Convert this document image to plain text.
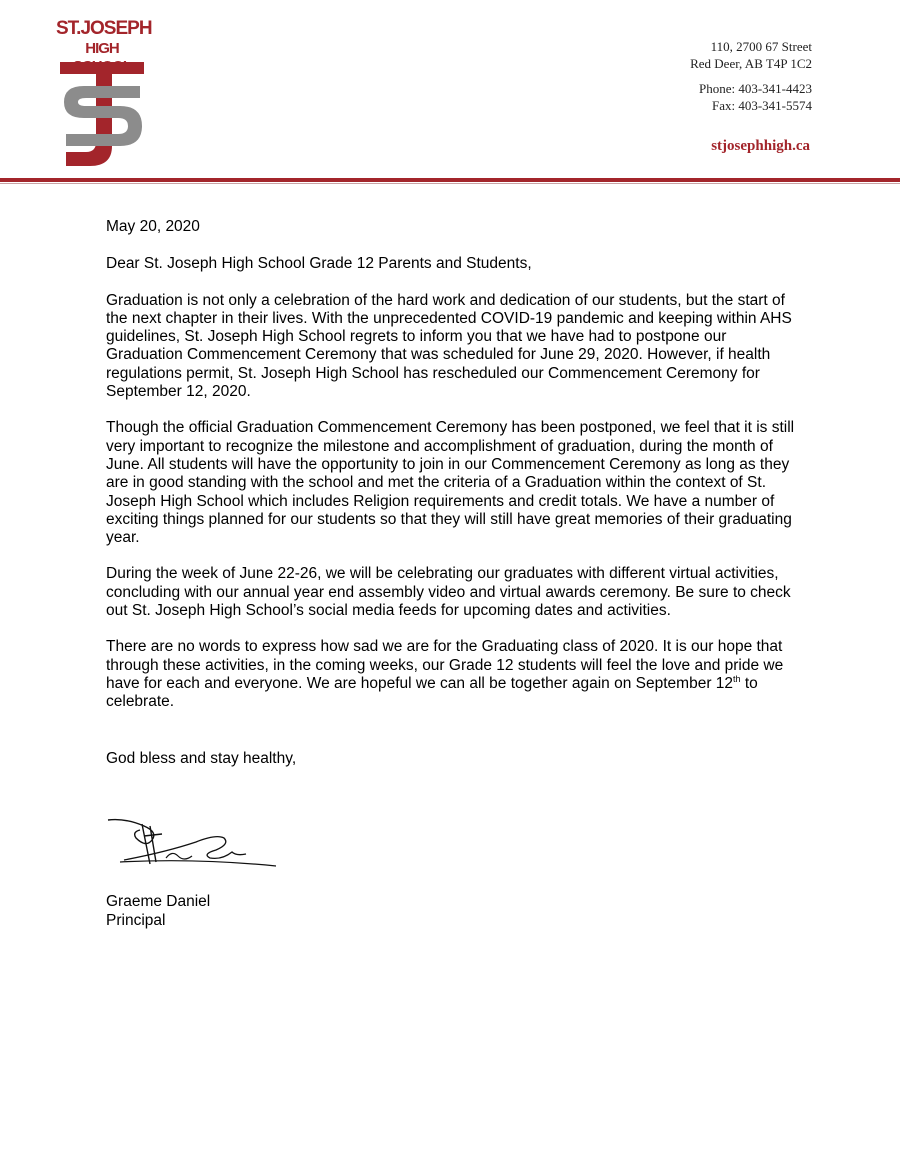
ST.JOSEPH
HIGH	110, 2700 67 Street
Red Deer, AB T4P 1C2
Phone: 403-341-4423
Fax: 403-341-5574
stjosephhigh.ca

May 20, 2020

Dear St. Joseph High School Grade 12 Parents and Students,

Graduation is not only a celebration of the hard work and dedication of our students, but the start of the next chapter in their lives. With the unprecedented COVID-19 pandemic and keeping within AHS guidelines, St. Joseph High School regrets to inform you that we have had to postpone our Graduation Commencement Ceremony that was scheduled for June 29, 2020. However, if health regulations permit, St. Joseph High School has rescheduled our Commencement Ceremony for September 12, 2020.

Though the official Graduation Commencement Ceremony has been postponed, we feel that it is still very important to recognize the milestone and accomplishment of graduation, during the month of June. All students will have the opportunity to join in our Commencement Ceremony as long as they are in good standing with the school and met the criteria of a Graduation within the context of St. Joseph High School which includes Religion requirements and credit totals. We have a number of exciting things planned for our students so that they will still have great memories of their graduating year.

During the week of June 22-26, we will be celebrating our graduates with different virtual activities, concluding with our annual year end assembly video and virtual awards ceremony. Be sure to check out St. Joseph High School’s social media feeds for upcoming dates and activities.

There are no words to express how sad we are for the Graduating class of 2020. It is our hope that through these activities, in the coming weeks, our Grade 12 students will feel the love and pride we have for each and everyone. We are hopeful we can all be together again on September 12th to celebrate.

God bless and stay healthy,

Graeme Daniel
Principal
